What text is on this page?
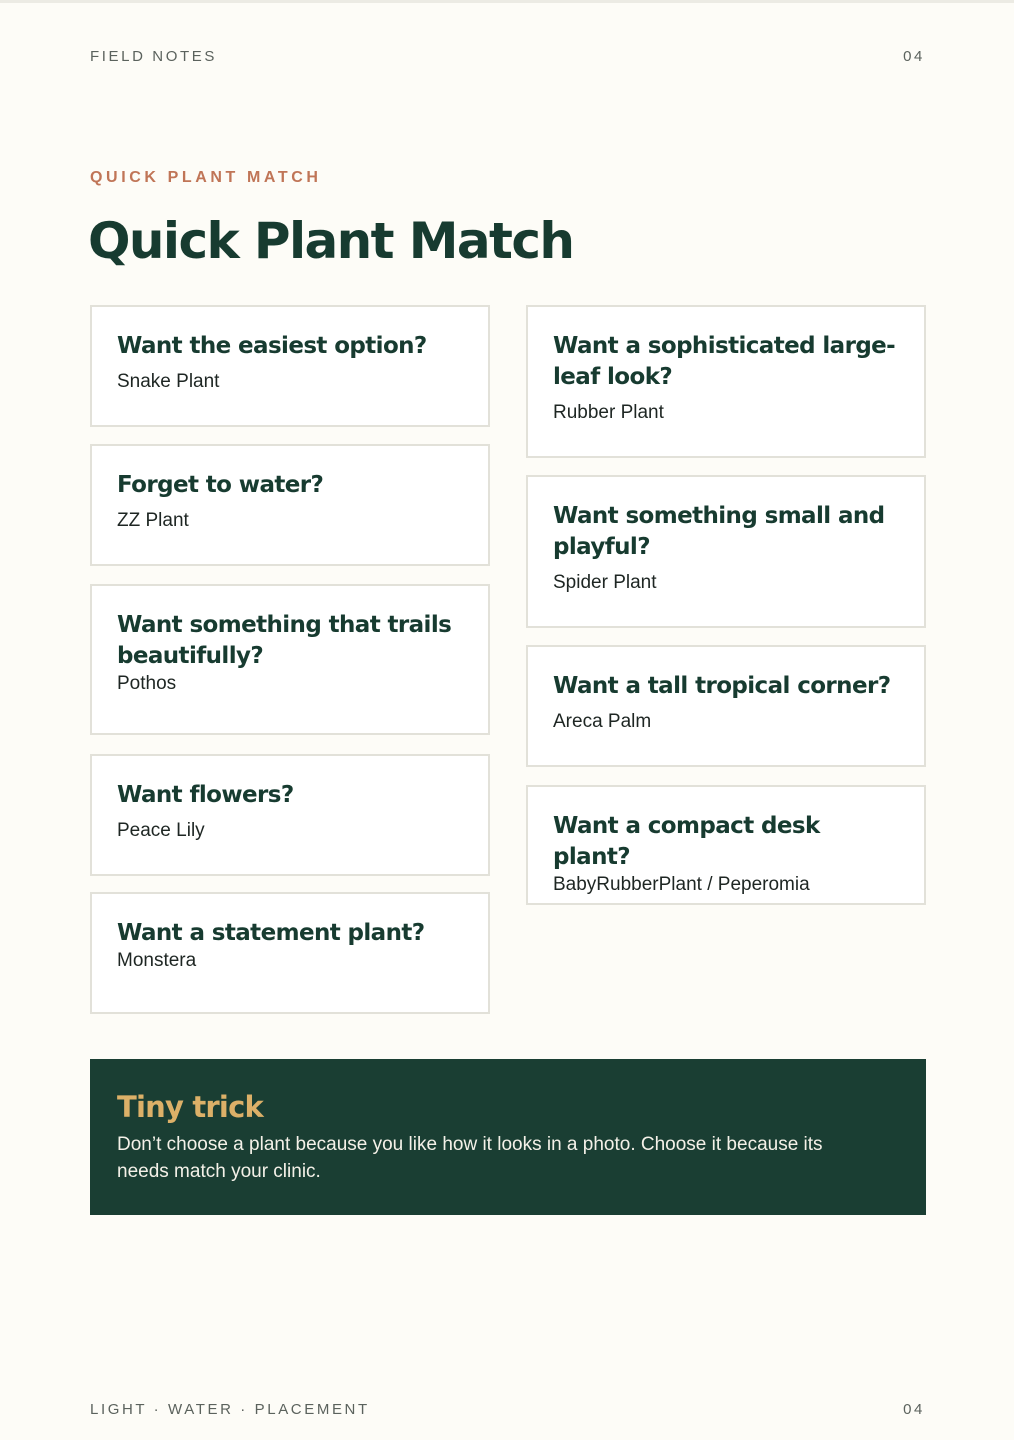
FIELD NOTES	04
QUICK PLANT MATCH
Quick Plant Match
Want the easiest option?
Snake Plant
Forget to water?
ZZ Plant
Want something that trails beautifully?
Pothos
Want flowers?
Peace Lily
Want a statement plant?
Monstera
Want a sophisticated large-leaf look?
Rubber Plant
Want something small and playful?
Spider Plant
Want a tall tropical corner?
Areca Palm
Want a compact desk plant?
BabyRubberPlant / Peperomia
Tiny trick
Don’t choose a plant because you like how it looks in a photo. Choose it because its needs match your clinic.
LIGHT · WATER · PLACEMENT	04
